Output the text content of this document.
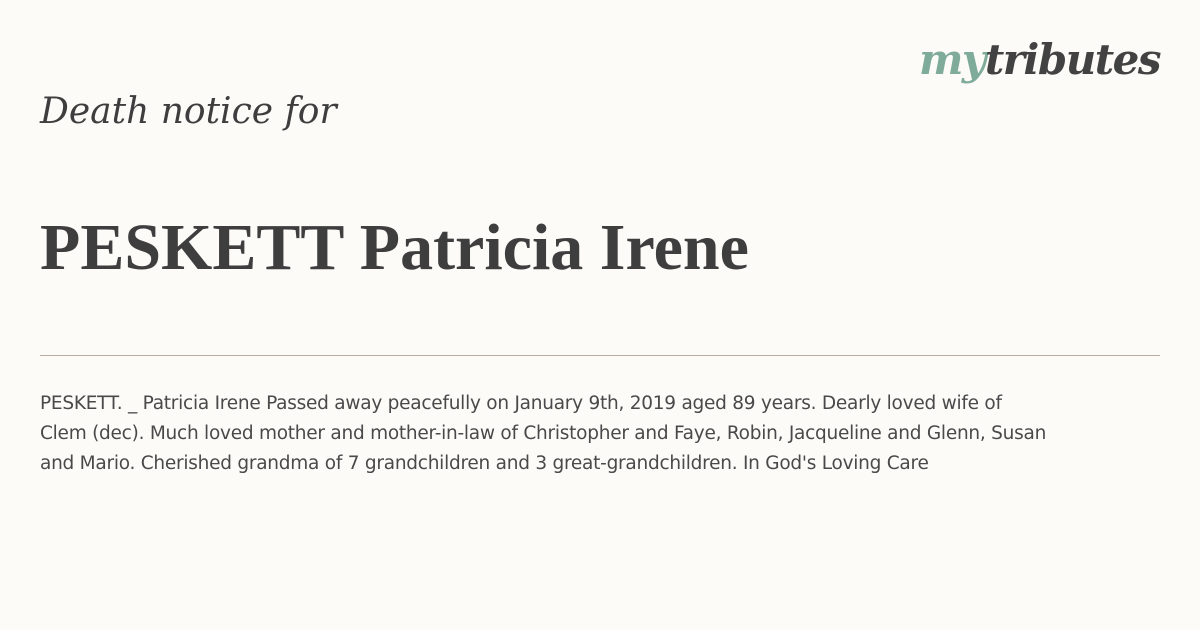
mytributes
Death notice for
PESKETT Patricia Irene

PESKETT. _ Patricia Irene Passed away peacefully on January 9th, 2019 aged 89 years. Dearly loved wife of
Clem (dec). Much loved mother and mother-in-law of Christopher and Faye, Robin, Jacqueline and Glenn, Susan
and Mario. Cherished grandma of 7 grandchildren and 3 great-grandchildren. In God's Loving Care
